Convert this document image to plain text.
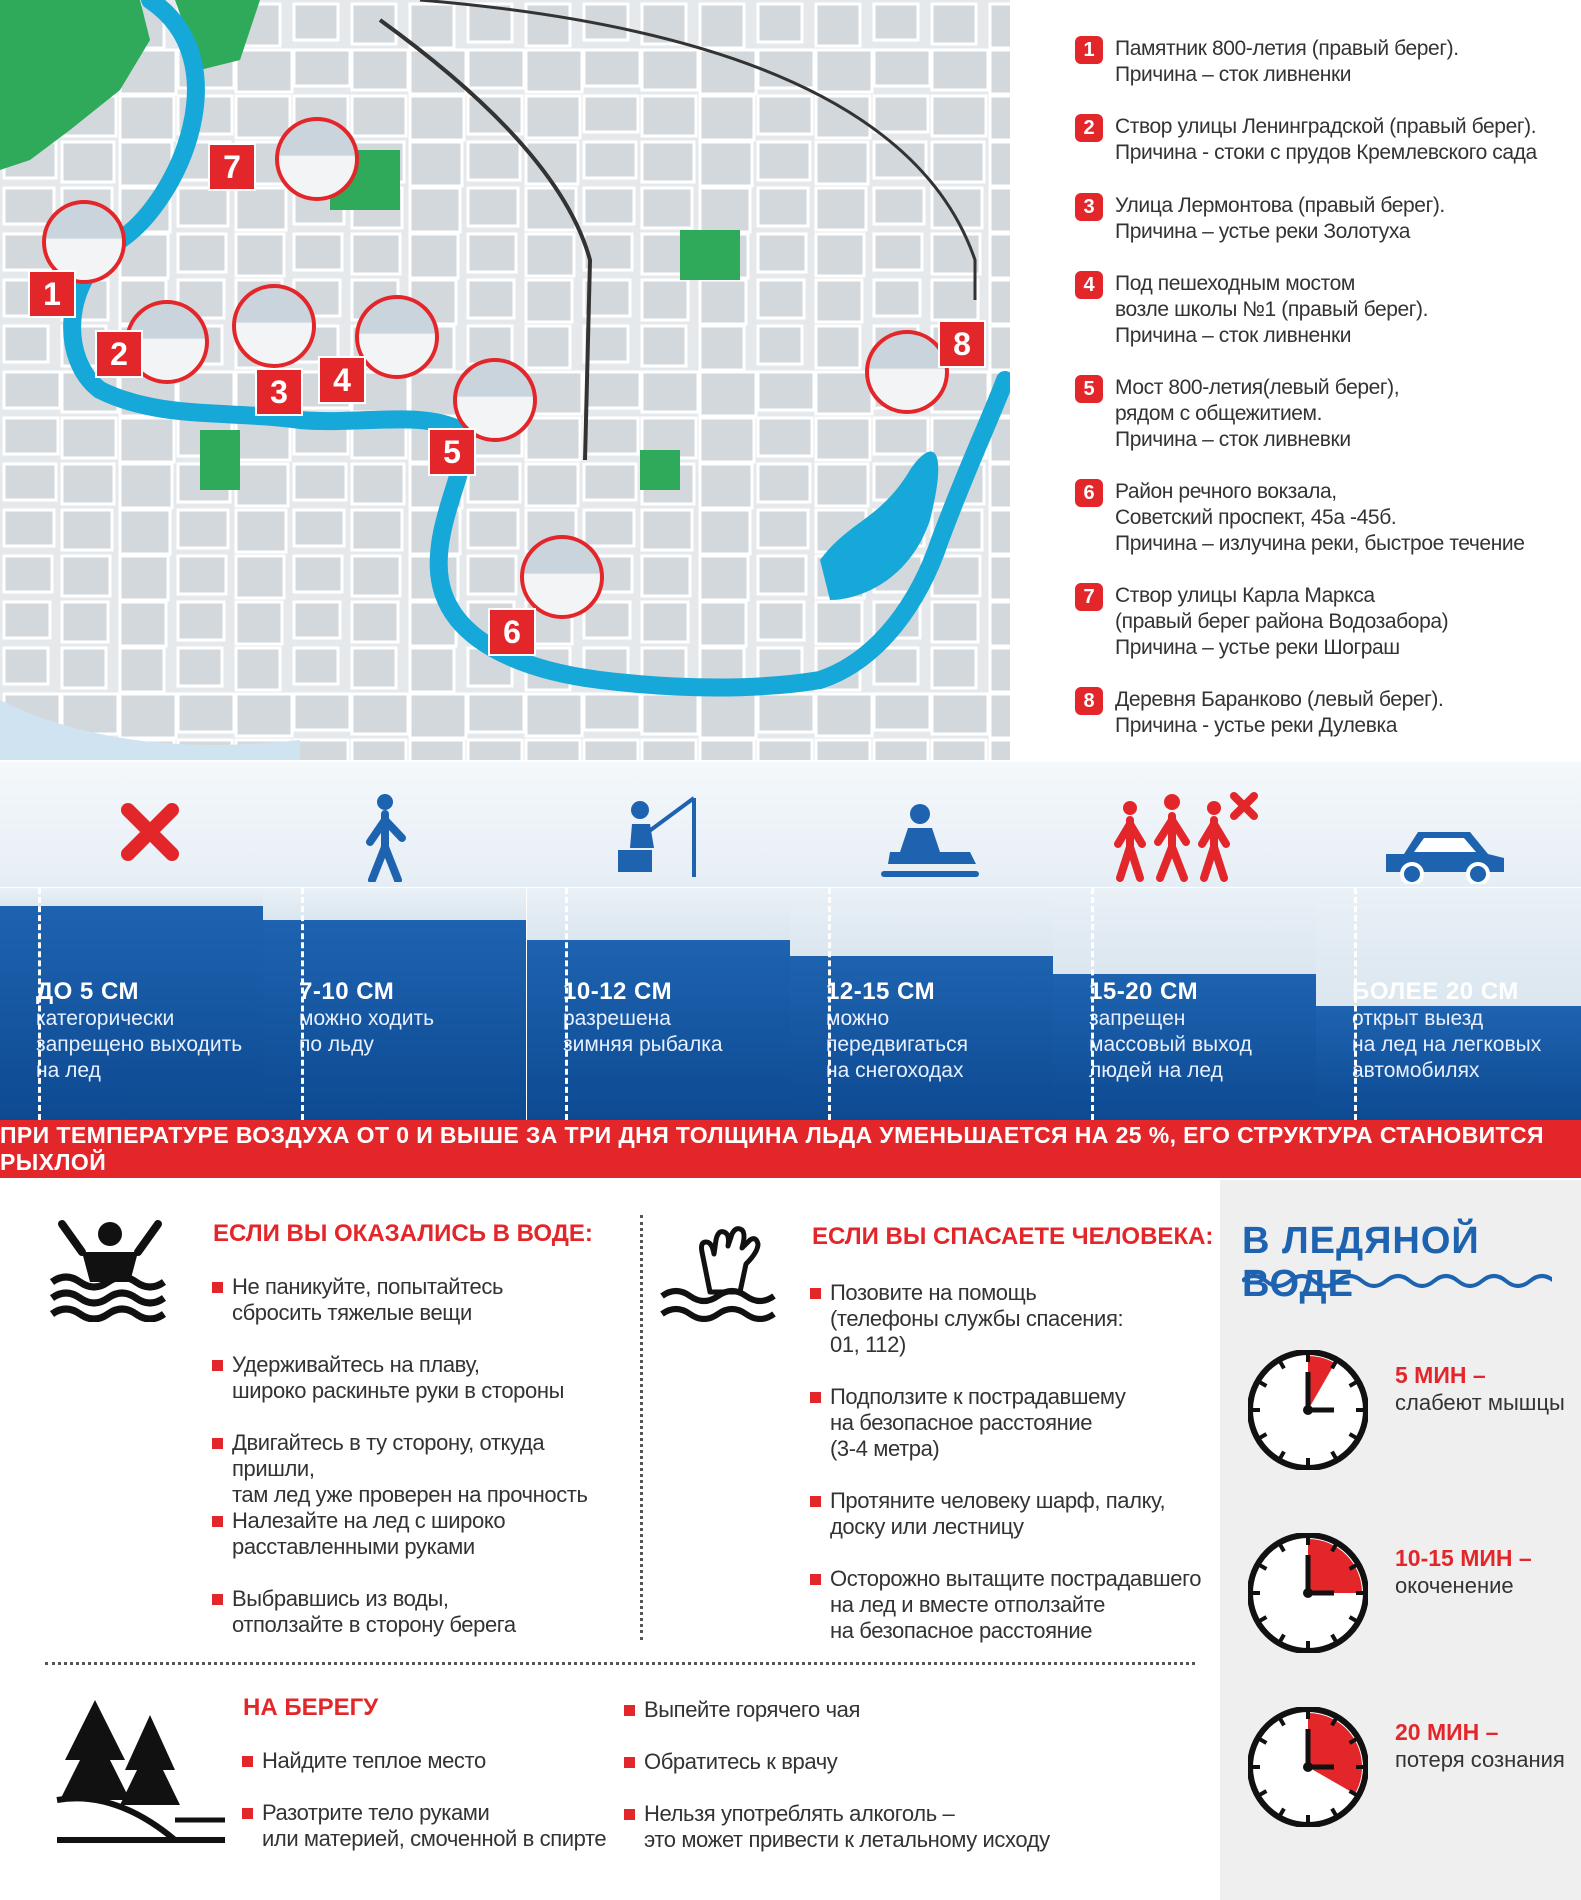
1
2
3	4
5
6
7
8
1 Памятник 800-летия (правый берег).
Причина – сток ливненки
2 Створ улицы Ленинградской (правый берег).
Причина - стоки с прудов Кремлевского сада
3 Улица Лермонтова (правый берег).
Причина – устье реки Золотуха
4 Под пешеходным мостом
возле школы №1 (правый берег).
Причина – сток ливненки
5 Мост 800-летия(левый берег),
рядом с общежитием.
Причина – сток ливневки
6 Район речного вокзала,
Советский проспект, 45а -45б.
Причина – излучина реки, быстрое течение
7 Створ улицы Карла Маркса
(правый берег района Водозабора)
Причина – устье реки Шограш
8 Деревня Баранково (левый берег).
Причина - устье реки Дулевка
ДО 5 СМ
категорически
запрещено выходить
на лед
7-10 СМ
можно ходить
по льду
10-12 СМ
разрешена
зимняя рыбалка
12-15 СМ
можно
передвигаться
на снегоходах
15-20 СМ
запрещен
массовый выход
людей на лед
БОЛЕЕ 20 СМ
открыт выезд
на лед на легковых
автомобилях
ПРИ ТЕМПЕРАТУРЕ ВОЗДУХА ОТ 0 И ВЫШЕ ЗА ТРИ ДНЯ ТОЛЩИНА ЛЬДА УМЕНЬШАЕТСЯ НА 25 %, ЕГО СТРУКТУРА СТАНОВИТСЯ РЫХЛОЙ
ЕСЛИ ВЫ ОКАЗАЛИСЬ В ВОДЕ:
Не паникуйте, попытайтесь
сбросить тяжелые вещи
Удерживайтесь на плаву,
широко раскиньте руки в стороны
Двигайтесь в ту сторону, откуда пришли,
там лед уже проверен на прочность
Налезайте на лед с широко
расставленными руками
Выбравшись из воды,
отползайте в сторону берега
ЕСЛИ ВЫ СПАСАЕТЕ ЧЕЛОВЕКА:
Позовите на помощь
(телефоны службы спасения:
01, 112)
Подползите к пострадавшему
на безопасное расстояние
(3-4 метра)
Протяните человеку шарф, палку,
доску или лестницу
Осторожно вытащите пострадавшего
на лед и вместе отползайте
на безопасное расстояние
НА БЕРЕГУ
Найдите теплое место
Разотрите тело руками
или материей, смоченной в спирте
Выпейте горячего чая
Обратитесь к врачу
Нельзя употреблять алкоголь –
это может привести к летальному исходу
В ЛЕДЯНОЙ ВОДЕ
5 МИН –
слабеют мышцы
10-15 МИН –
окоченение
20 МИН –
потеря сознания
